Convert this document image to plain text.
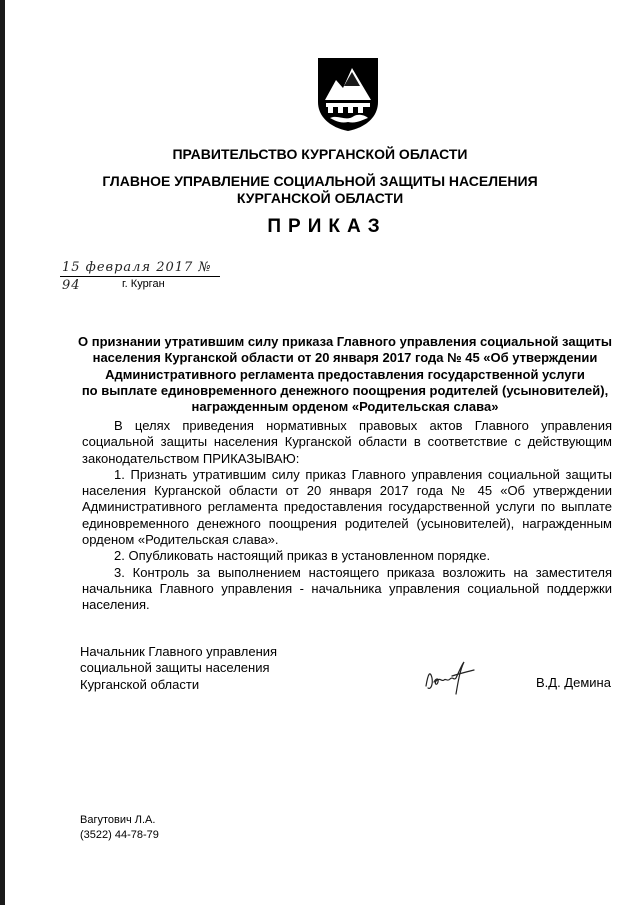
ПРАВИТЕЛЬСТВО КУРГАНСКОЙ ОБЛАСТИ
ГЛАВНОЕ УПРАВЛЕНИЕ СОЦИАЛЬНОЙ ЗАЩИТЫ НАСЕЛЕНИЯ
КУРГАНСКОЙ ОБЛАСТИ
ПРИКАЗ
15 февраля 2017 № 94	г. Курган
О признании утратившим силу приказа Главного управления социальной защиты
населения Курганской области от 20 января 2017 года № 45 «Об утверждении
Административного регламента предоставления государственной услуги
по выплате единовременного денежного поощрения родителей (усыновителей),
награжденным орденом «Родительская слава»

В целях приведения нормативных правовых актов Главного управления социальной защиты населения Курганской области в соответствие с действующим законодательством ПРИКАЗЫВАЮ:

1. Признать утратившим силу приказ Главного управления социальной защиты населения Курганской области от 20 января 2017 года № 45 «Об утверждении Административного регламента предоставления государственной услуги по выплате единовременного денежного поощрения родителей (усыновителей), награжденным орденом «Родительская слава».

2. Опубликовать настоящий приказ в установленном порядке.

3. Контроль за выполнением настоящего приказа возложить на заместителя начальника Главного управления - начальника управления социальной поддержки населения.

Начальник Главного управления
социальной защиты населения
Курганской области	В.Д. Демина
Вагутович Л.А.
(3522) 44-78-79
